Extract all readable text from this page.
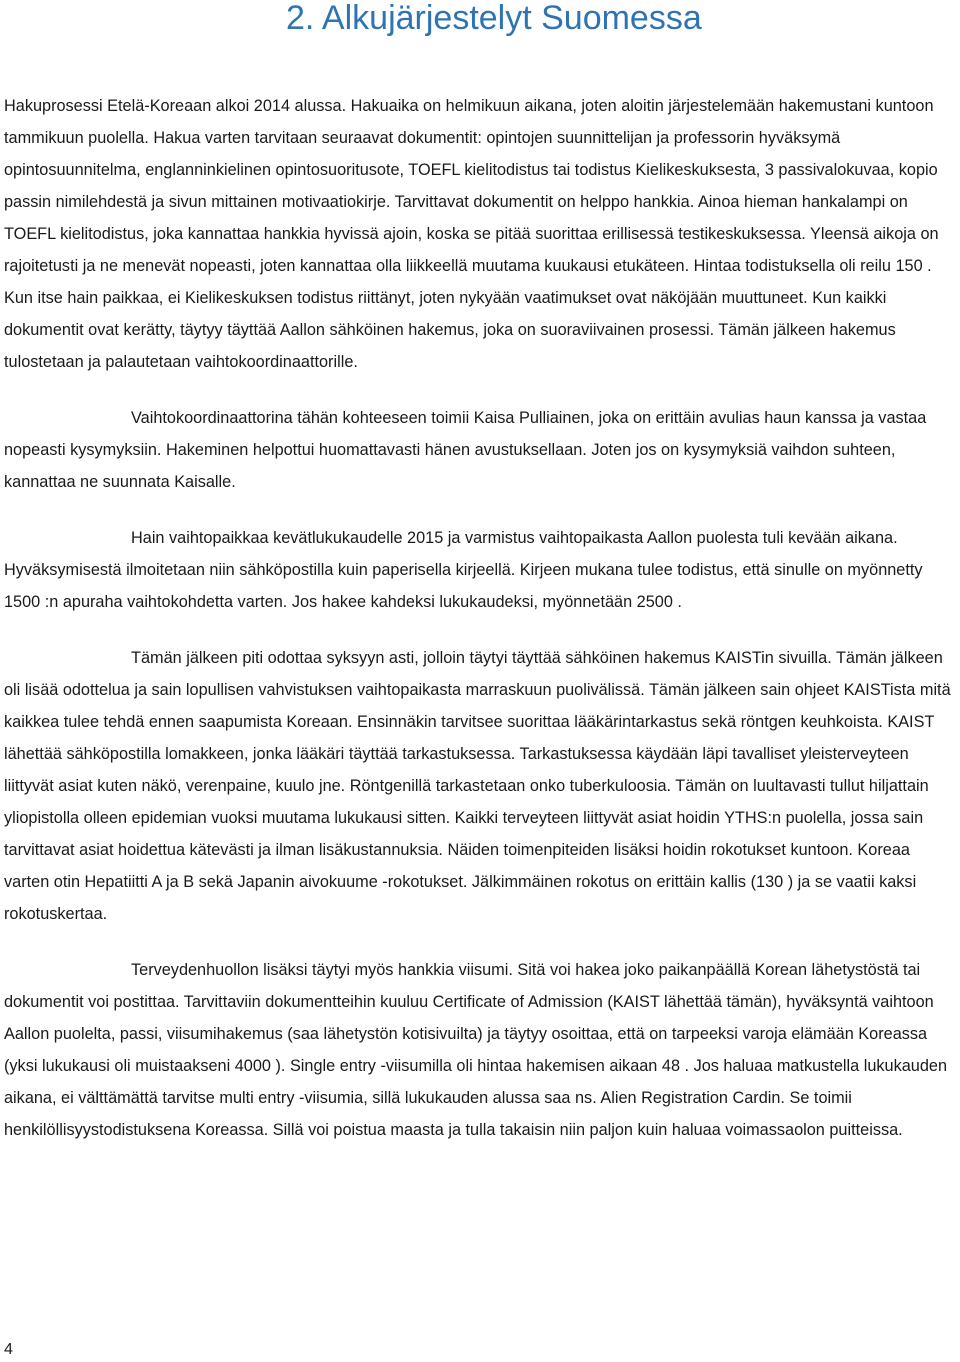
2. Alkujärjestelyt Suomessa

Hakuprosessi Etelä-Koreaan alkoi 2014 alussa. Hakuaika on helmikuun aikana, joten aloitin järjestelemään hakemustani kuntoon tammikuun puolella. Hakua varten tarvitaan seuraavat dokumentit: opintojen suunnittelijan ja professorin hyväksymä opintosuunnitelma, englanninkielinen opintosuoritusote, TOEFL kielitodistus tai todistus Kielikeskuksesta, 3 passivalokuvaa, kopio passin nimilehdestä ja sivun mittainen motivaatiokirje. Tarvittavat dokumentit on helppo hankkia. Ainoa hieman hankalampi on TOEFL kielitodistus, joka kannattaa hankkia hyvissä ajoin, koska se pitää suorittaa erillisessä testikeskuksessa. Yleensä aikoja on rajoitetusti ja ne menevät nopeasti, joten kannattaa olla liikkeellä muutama kuukausi etukäteen. Hintaa todistuksella oli reilu 150 . Kun itse hain paikkaa, ei Kielikeskuksen todistus riittänyt, joten nykyään vaatimukset ovat näköjään muuttuneet. Kun kaikki dokumentit ovat kerätty, täytyy täyttää Aallon sähköinen hakemus, joka on suoraviivainen prosessi. Tämän jälkeen hakemus tulostetaan ja palautetaan vaihtokoordinaattorille.

Vaihtokoordinaattorina tähän kohteeseen toimii Kaisa Pulliainen, joka on erittäin avulias haun kanssa ja vastaa nopeasti kysymyksiin. Hakeminen helpottui huomattavasti hänen avustuksellaan. Joten jos on kysymyksiä vaihdon suhteen, kannattaa ne suunnata Kaisalle.

Hain vaihtopaikkaa kevätlukukaudelle 2015 ja varmistus vaihtopaikasta Aallon puolesta tuli kevään aikana. Hyväksymisestä ilmoitetaan niin sähköpostilla kuin paperisella kirjeellä. Kirjeen mukana tulee todistus, että sinulle on myönnetty 1500 :n apuraha vaihtokohdetta varten. Jos hakee kahdeksi lukukaudeksi, myönnetään 2500 .

Tämän jälkeen piti odottaa syksyyn asti, jolloin täytyi täyttää sähköinen hakemus KAISTin sivuilla. Tämän jälkeen oli lisää odottelua ja sain lopullisen vahvistuksen vaihtopaikasta marraskuun puolivälissä. Tämän jälkeen sain ohjeet KAISTista mitä kaikkea tulee tehdä ennen saapumista Koreaan. Ensinnäkin tarvitsee suorittaa lääkärintarkastus sekä röntgen keuhkoista. KAIST lähettää sähköpostilla lomakkeen, jonka lääkäri täyttää tarkastuksessa. Tarkastuksessa käydään läpi tavalliset yleisterveyteen liittyvät asiat kuten näkö, verenpaine, kuulo jne. Röntgenillä tarkastetaan onko tuberkuloosia. Tämän on luultavasti tullut hiljattain yliopistolla olleen epidemian vuoksi muutama lukukausi sitten. Kaikki terveyteen liittyvät asiat hoidin YTHS:n puolella, jossa sain tarvittavat asiat hoidettua kätevästi ja ilman lisäkustannuksia. Näiden toimenpiteiden lisäksi hoidin rokotukset kuntoon. Koreaa varten otin Hepatiitti A ja B sekä Japanin aivokuume -rokotukset. Jälkimmäinen rokotus on erittäin kallis (130 ) ja se vaatii kaksi rokotuskertaa.

Terveydenhuollon lisäksi täytyi myös hankkia viisumi. Sitä voi hakea joko paikanpäällä Korean lähetystöstä tai dokumentit voi postittaa. Tarvittaviin dokumentteihin kuuluu Certificate of Admission (KAIST lähettää tämän), hyväksyntä vaihtoon Aallon puolelta, passi, viisumihakemus (saa lähetystön kotisivuilta) ja täytyy osoittaa, että on tarpeeksi varoja elämään Koreassa (yksi lukukausi oli muistaakseni 4000 ). Single entry -viisumilla oli hintaa hakemisen aikaan 48 . Jos haluaa matkustella lukukauden aikana, ei välttämättä tarvitse multi entry -viisumia, sillä lukukauden alussa saa ns. Alien Registration Cardin. Se toimii henkilöllisyystodistuksena Koreassa. Sillä voi poistua maasta ja tulla takaisin niin paljon kuin haluaa voimassaolon puitteissa.

4
